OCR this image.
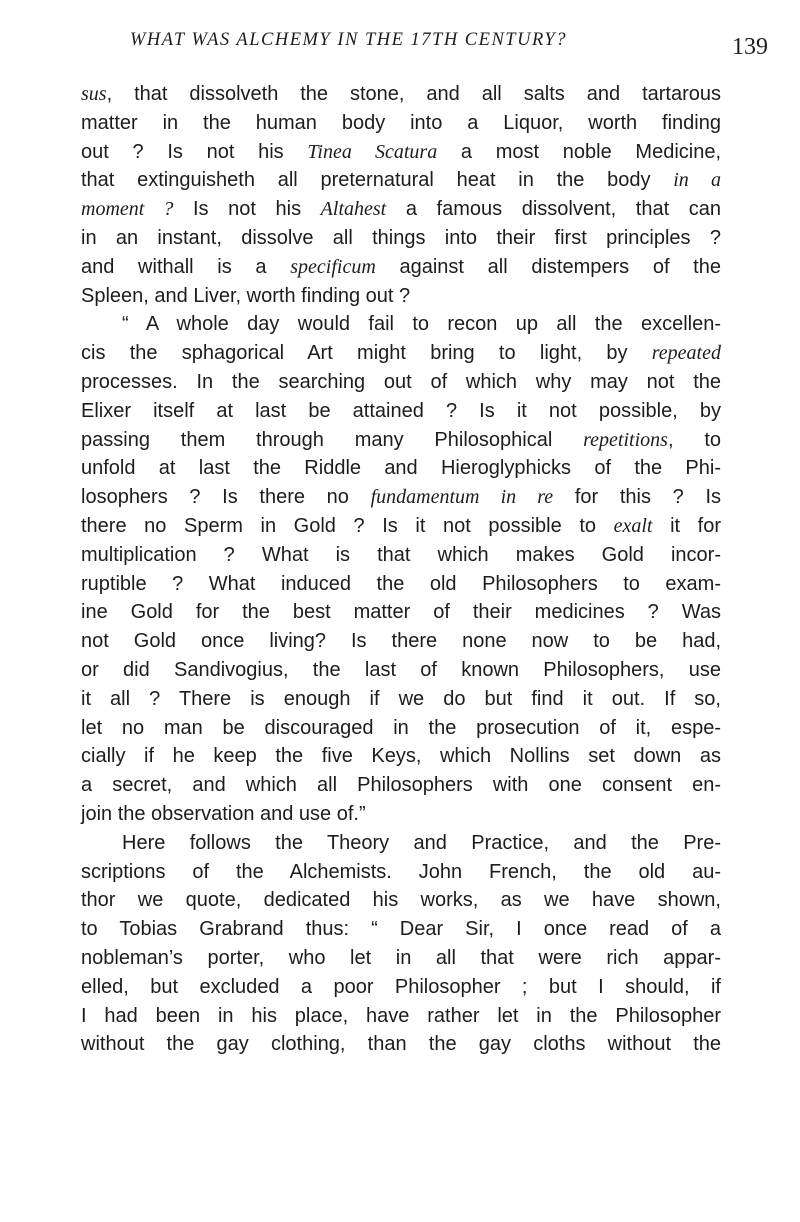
WHAT WAS ALCHEMY IN THE 17TH CENTURY?	139
sus, that dissolveth the stone, and all salts and tartarous
matter in the human body into a Liquor, worth finding
out ? Is not his Tinea Scatura a most noble Medicine,
that extinguisheth all preternatural heat in the body in a
moment ? Is not his Altahest a famous dissolvent, that can
in an instant, dissolve all things into their first principles ?
and withall is a specificum against all distempers of the
Spleen, and Liver, worth finding out ?
“ A whole day would fail to recon up all the excellen-
cis the sphagorical Art might bring to light, by repeated
processes. In the searching out of which why may not the
Elixer itself at last be attained ? Is it not possible, by
passing them through many Philosophical repetitions, to
unfold at last the Riddle and Hieroglyphicks of the Phi-
losophers ? Is there no fundamentum in re for this ? Is
there no Sperm in Gold ? Is it not possible to exalt it for
multiplication ? What is that which makes Gold incor-
ruptible ? What induced the old Philosophers to exam-
ine Gold for the best matter of their medicines ? Was
not Gold once living? Is there none now to be had,
or did Sandivogius, the last of known Philosophers, use
it all ? There is enough if we do but find it out. If so,
let no man be discouraged in the prosecution of it, espe-
cially if he keep the five Keys, which Nollins set down as
a secret, and which all Philosophers with one consent en-
join the observation and use of.”
Here follows the Theory and Practice, and the Pre-
scriptions of the Alchemists. John French, the old au-
thor we quote, dedicated his works, as we have shown,
to Tobias Grabrand thus: “ Dear Sir, I once read of a
nobleman’s porter, who let in all that were rich appar-
elled, but excluded a poor Philosopher ; but I should, if
I had been in his place, have rather let in the Philosopher
without the gay clothing, than the gay cloths without the
